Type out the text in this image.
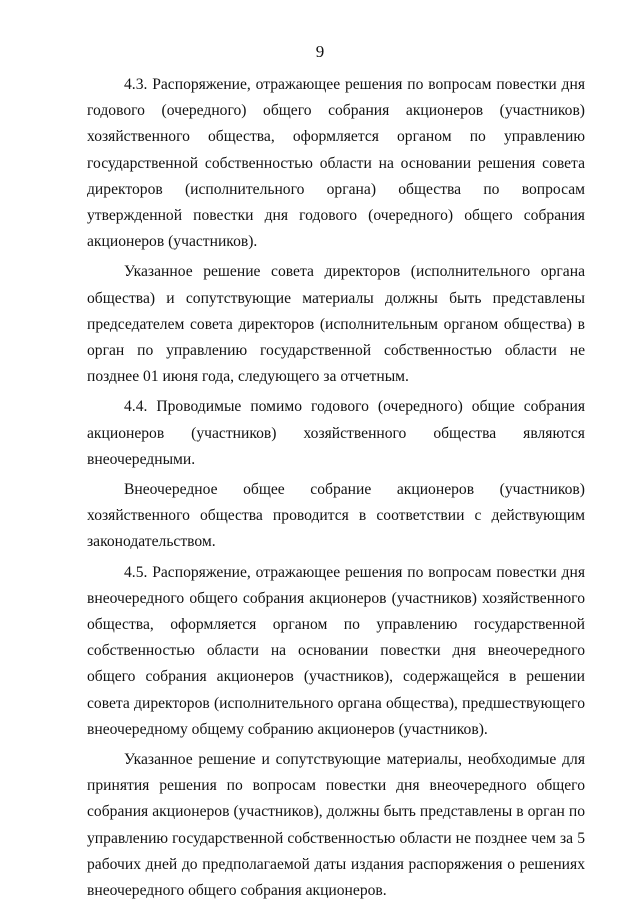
9

4.3. Распоряжение, отражающее решения по вопросам повестки дня годового (очередного) общего собрания акционеров (участников) хозяйственного общества, оформляется органом по управлению государственной собственностью области на основании решения совета директоров (исполнительного органа) общества по вопросам утвержденной повестки дня годового (очередного) общего собрания акционеров (участников).

Указанное решение совета директоров (исполнительного органа общества) и сопутствующие материалы должны быть представлены председателем совета директоров (исполнительным органом общества) в орган по управлению государственной собственностью области не позднее 01 июня года, следующего за отчетным.

4.4. Проводимые помимо годового (очередного) общие собрания акционеров (участников) хозяйственного общества являются внеочередными.

Внеочередное общее собрание акционеров (участников) хозяйственного общества проводится в соответствии с действующим законодательством.

4.5. Распоряжение, отражающее решения по вопросам повестки дня внеочередного общего собрания акционеров (участников) хозяйственного общества, оформляется органом по управлению государственной собственностью области на основании повестки дня внеочередного общего собрания акционеров (участников), содержащейся в решении совета директоров (исполнительного органа общества), предшествующего внеочередному общему собранию акционеров (участников).

Указанное решение и сопутствующие материалы, необходимые для принятия решения по вопросам повестки дня внеочередного общего собрания акционеров (участников), должны быть представлены в орган по управлению государственной собственностью области не позднее чем за 5 рабочих дней до предполагаемой даты издания распоряжения о решениях внеочередного общего собрания акционеров.
